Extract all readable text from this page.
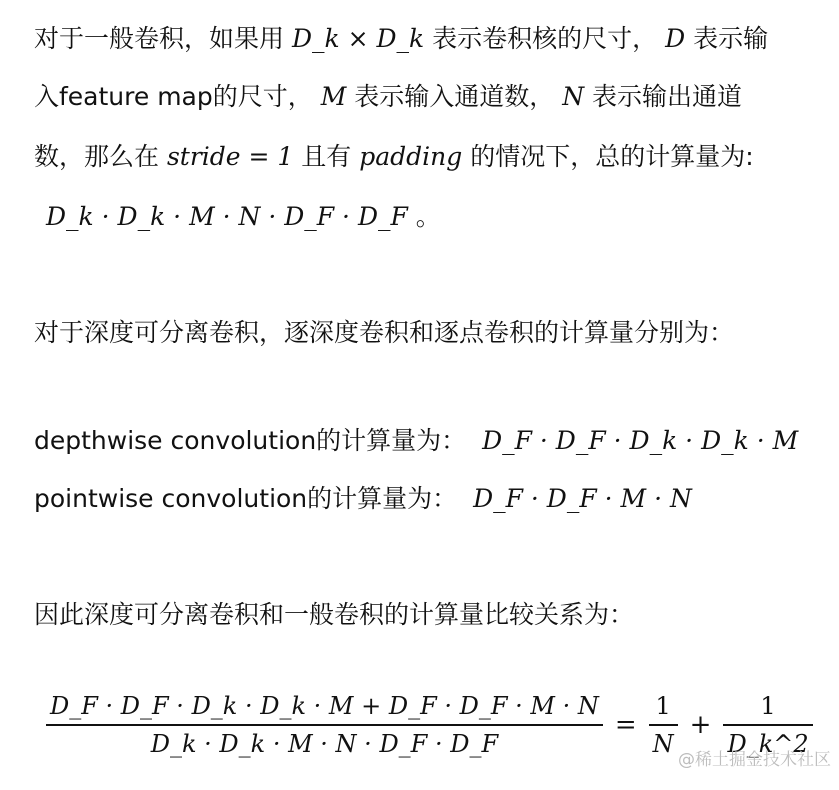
对于一般卷积，如果用 D_k × D_k 表示卷积核的尺寸， D 表示输
入feature map的尺寸， M 表示输入通道数， N 表示输出通道
数，那么在 stride = 1 且有 padding 的情况下，总的计算量为:
D_k · D_k · M · N · D_F · D_F 。
对于深度可分离卷积，逐深度卷积和逐点卷积的计算量分别为：
depthwise convolution的计算量为： D_F · D_F · D_k · D_k · M
pointwise convolution的计算量为： D_F · D_F · M · N
因此深度可分离卷积和一般卷积的计算量比较关系为：
$\frac{D\_F \cdot D\_F \cdot D\_k \cdot D\_k \cdot M + D\_F \cdot D\_F \cdot M \cdot N}{D\_k \cdot D\_k \cdot M \cdot N \cdot D\_F \cdot D\_F} = \frac{1}{N} + \frac{1}{D\_k\^{}2}$
@稀土掘金技术社区
